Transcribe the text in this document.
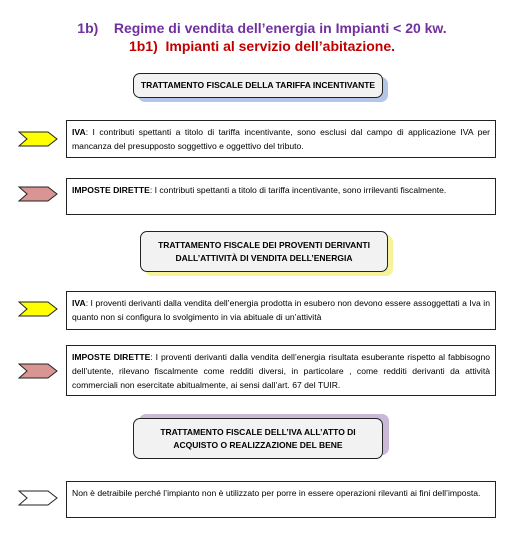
1b)    Regime di vendita dell’energia in Impianti < 20 kw.
1b1)  Impianti al servizio dell’abitazione.
TRATTAMENTO FISCALE DELLA TARIFFA INCENTIVANTE
IVA: I contributi spettanti a titolo di tariffa incentivante, sono esclusi dal campo di applicazione IVA per mancanza del presupposto soggettivo e oggettivo del tributo.
IMPOSTE DIRETTE: I contributi spettanti a titolo di tariffa incentivante, sono irrilevanti fiscalmente.
TRATTAMENTO FISCALE DEI PROVENTI DERIVANTI
DALL’ATTIVITÀ DI VENDITA DELL’ENERGIA
IVA: I proventi derivanti dalla vendita dell’energia prodotta in esubero non devono essere assoggettati a Iva in quanto non si configura lo svolgimento in via abituale di un’attività
IMPOSTE DIRETTE: I proventi derivanti dalla vendita dell’energia risultata esuberante rispetto al fabbisogno dell’utente, rilevano fiscalmente come redditi diversi, in particolare , come redditi derivanti da attività commerciali non esercitate abitualmente, ai sensi dall’art. 67 del TUIR.
TRATTAMENTO FISCALE DELL’IVA ALL’ATTO DI
ACQUISTO O REALIZZAZIONE DEL BENE
Non è detraibile perché l’impianto non è utilizzato per porre in essere operazioni rilevanti ai fini dell’imposta.
